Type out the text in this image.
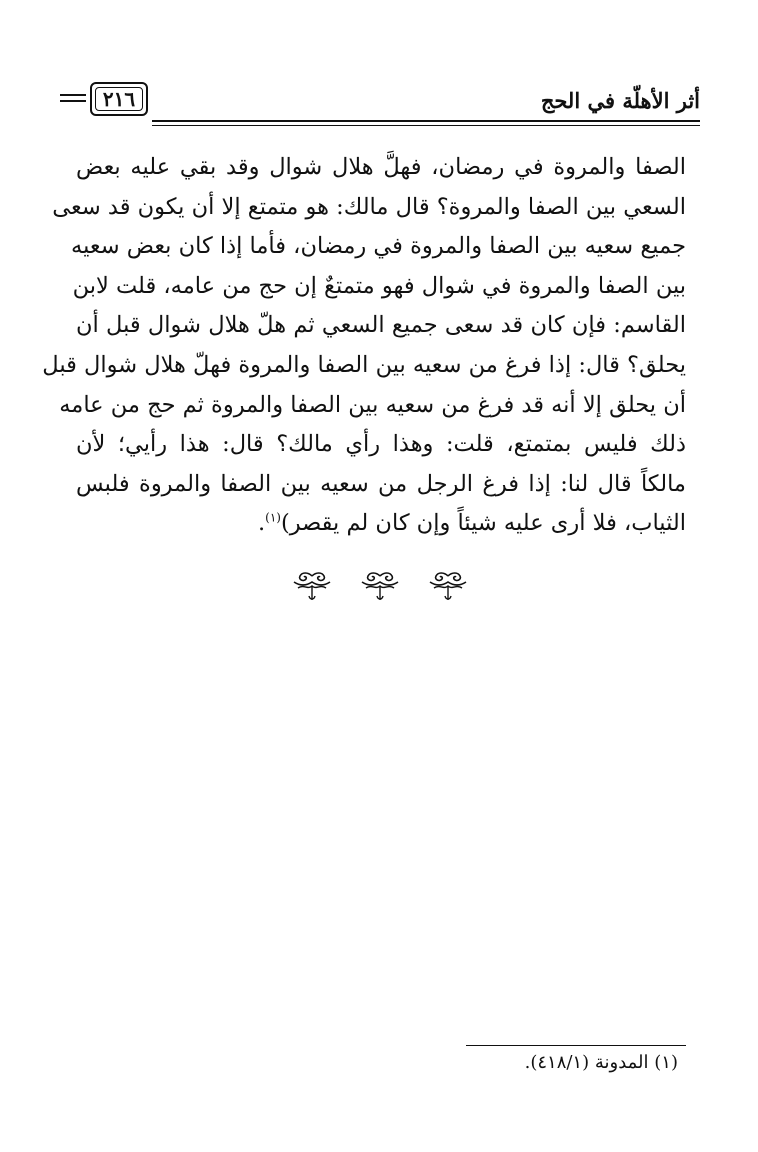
٢١٦	أثر الأهلّة في الحج
الصفا والمروة في رمضان، فهلَّ هلال شوال وقد بقي عليه بعض
السعي بين الصفا والمروة؟ قال مالك: هو متمتع إلا أن يكون قد سعى
جميع سعيه بين الصفا والمروة في رمضان، فأما إذا كان بعض سعيه
بين الصفا والمروة في شوال فهو متمتعٌ إن حج من عامه، قلت لابن
القاسم: فإن كان قد سعى جميع السعي ثم هلّ هلال شوال قبل أن
يحلق؟ قال: إذا فرغ من سعيه بين الصفا والمروة فهلّ هلال شوال قبل
أن يحلق إلا أنه قد فرغ من سعيه بين الصفا والمروة ثم حج من عامه
ذلك فليس بمتمتع، قلت: وهذا رأي مالك؟ قال: هذا رأيي؛ لأن
مالكاً قال لنا: إذا فرغ الرجل من سعيه بين الصفا والمروة فلبس
الثياب، فلا أرى عليه شيئاً وإن كان لم يقصر)$^{(١)}$.
(١) المدونة (٤١٨/١).
